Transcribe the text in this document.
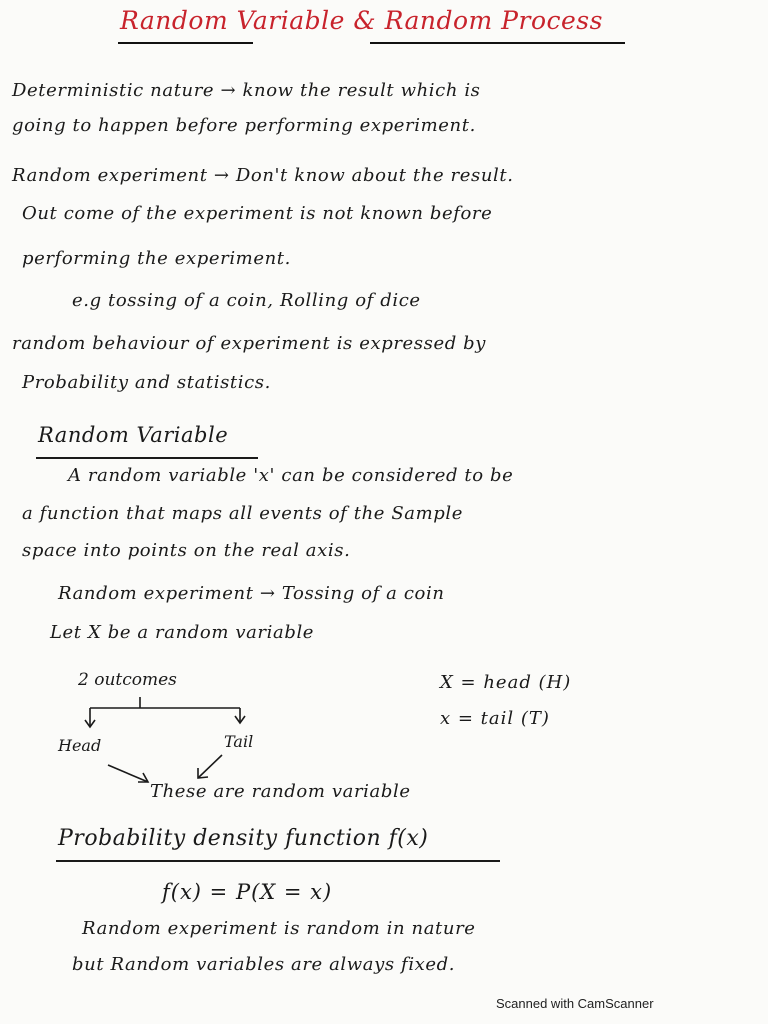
Random Variable & Random Process
Deterministic nature → know the result which is
going to happen before performing experiment.
Random experiment → Don't know about the result.
Out come of the experiment is not known before
performing the experiment.
e.g tossing of a coin, Rolling of dice
random behaviour of experiment is expressed by
Probability and statistics.
Random Variable
A random variable 'x' can be considered to be
a function that maps all events of the Sample
space into points on the real axis.
Random experiment → Tossing of a coin
Let X be a random variable
2 outcomes	X = head (H)
x = tail (T)
Head	Tail
These are random variable
Probability density function f(x)
f(x) = P(X = x)
Random experiment is random in nature
but Random variables are always fixed.
Scanned with CamScanner
